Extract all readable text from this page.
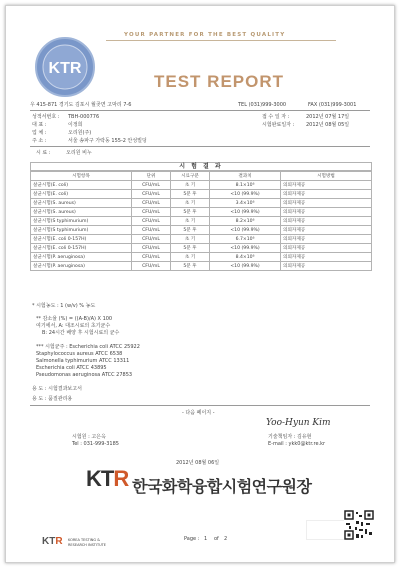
YOUR PARTNER FOR THE BEST QUALITY
KTR
TEST REPORT
우 415-871 경기도 김포시 월곶면 고막리 7-6	TEL (031)999-3000	FAX (031)999-3001
성적서번호 : TBH-000776
대 표 :	이정희
업 체 :	오리원(주)
주 소 :	서울 송파구 가락동 155-2 안성빌딩
접 수 일 자 :	2012년 07월 17일
시험완료일자 : 2012년 08월 05일
시 료 :	오리원 비누
시 험 결 과
시험항목	단위	시료구분	결과치	시험방법
살균시험(E. coli)	CFU/mL	초 기	8.1×10⁶	의뢰자제공
살균시험(E. coli)	CFU/mL	5분 후	<10 (99.9%)	의뢰자제공
살균시험(S. aureus)	CFU/mL	초 기	3.4×10⁶	의뢰자제공
살균시험(S. aureus)	CFU/mL	5분 후	<10 (99.9%)	의뢰자제공
살균시험(S typhimurium)	CFU/mL	초 기	8.2×10⁶	의뢰자제공
살균시험(S typhimurium)	CFU/mL	5분 후	<10 (99.9%)	의뢰자제공
살균시험(E. coli 0-157H)	CFU/mL	초 기	6.7×10⁶	의뢰자제공
살균시험(E. coli 0-157H)	CFU/mL	5분 후	<10 (99.9%)	의뢰자제공
살균시험(P. aeruginosa)	CFU/mL	초 기	8.4×10⁶	의뢰자제공
살균시험(P. aeruginosa)	CFU/mL	5분 후	<10 (99.9%)	의뢰자제공
* 시험농도 : 1 (w/v) % 농도
** 감소율 (%) = ((A-B)/A) X 100
여기에서, A: 대조시료의 초기균수
B: 24시간 배양 후 시험시료의 균수
*** 시험균주 : Escherichia coli ATCC 25922
Staphylococcus aureus ATCC 6538
Salmonella typhimurium ATCC 13311
Escherichia coli ATCC 43895
Pseudomonas aeruginosa ATCC 27853
용 도 : 시험결과보고서
용 도 : 품질관리용
- 다음 페이지 -
Yoo-Hyun Kim
시험원 : 고은옥
Tel : 031-999-3185
기술책임자 : 김유현
E-mail : ykk0@ktr.re.kr
2012년 08월 06일
KTR 한국화학융합시험연구원장
Page : 1 of 2
KTR KOREA TESTING &
RESEARCH INSTITUTE
